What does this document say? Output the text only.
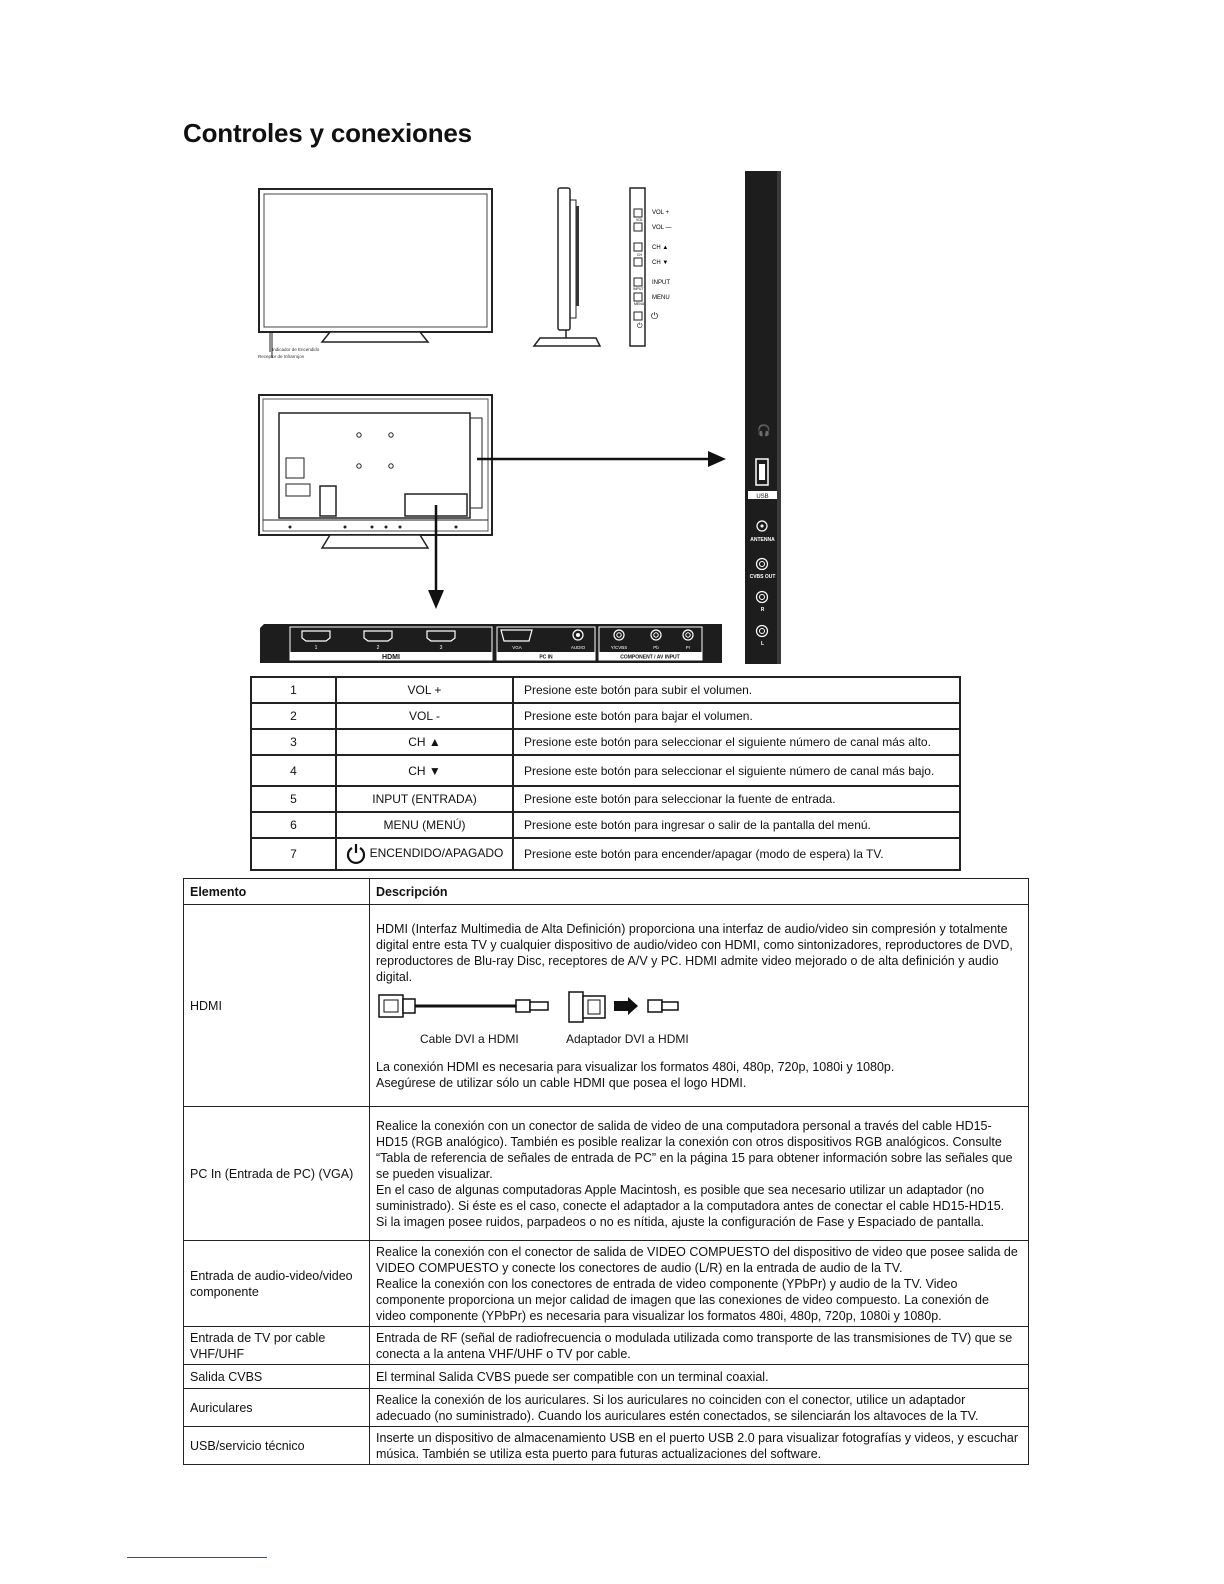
Controles y conexiones
Indicador de Encendido
Receptor de Infrarrojos
VOL
CH
INPUT
MENU
⏻
VOL +
VOL —
CH ▲
CH ▼
INPUT
MENU
⏻
🎧
USB
ANTENNA
CVBS OUT
R
L
1	2	3
HDMI
VGA	AUDIO
PC IN
Y/CVBS	Pb	Pr
COMPONENT / AV INPUT
1	VOL +	Presione este botón para subir el volumen.
2	VOL -	Presione este botón para bajar el volumen.
3	CH ▲	Presione este botón para seleccionar el siguiente número de canal más alto.
4	CH ▼	Presione este botón para seleccionar el siguiente número de canal más bajo.
5	INPUT (ENTRADA)	Presione este botón para seleccionar la fuente de entrada.
6	MENU (MENÚ)	Presione este botón para ingresar o salir de la pantalla del menú.
7	ENCENDIDO/APAGADO	Presione este botón para encender/apagar (modo de espera) la TV.
Elemento	Descripción
HDMI	HDMI (Interfaz Multimedia de Alta Definición) proporciona una interfaz de audio/video sin compresión y totalmente digital entre esta TV y cualquier dispositivo de audio/video con HDMI, como sintonizadores, reproductores de DVD, reproductores de Blu-ray Disc, receptores de A/V y PC. HDMI admite video mejorado o de alta definición y audio digital.

Cable DVI a HDMI Adaptador DVI a HDMI

La conexión HDMI es necesaria para visualizar los formatos 480i, 480p, 720p, 1080i y 1080p.

Asegúrese de utilizar sólo un cable HDMI que posea el logo HDMI.

PC In (Entrada de PC) (VGA)	Realice la conexión con un conector de salida de video de una computadora personal a través del cable HD15-HD15 (RGB analógico). También es posible realizar la conexión con otros dispositivos RGB analógicos. Consulte “Tabla de referencia de señales de entrada de PC” en la página 15 para obtener información sobre las señales que se pueden visualizar.

En el caso de algunas computadoras Apple Macintosh, es posible que sea necesario utilizar un adaptador (no suministrado). Si éste es el caso, conecte el adaptador a la computadora antes de conectar el cable HD15-HD15.

Si la imagen posee ruidos, parpadeos o no es nítida, ajuste la configuración de Fase y Espaciado de pantalla.

Entrada de audio-video/video componente	Realice la conexión con el conector de salida de VIDEO COMPUESTO del dispositivo de video que posee salida de VIDEO COMPUESTO y conecte los conectores de audio (L/R) en la entrada de audio de la TV.

Realice la conexión con los conectores de entrada de video componente (YPbPr) y audio de la TV. Video componente proporciona un mejor calidad de imagen que las conexiones de video compuesto. La conexión de video componente (YPbPr) es necesaria para visualizar los formatos 480i, 480p, 720p, 1080i y 1080p.

Entrada de TV por cable VHF/UHF	Entrada de RF (señal de radiofrecuencia o modulada utilizada como transporte de las transmisiones de TV) que se conecta a la antena VHF/UHF o TV por cable.
Salida CVBS	El terminal Salida CVBS puede ser compatible con un terminal coaxial.
Auriculares	Realice la conexión de los auriculares. Si los auriculares no coinciden con el conector, utilice un adaptador adecuado (no suministrado). Cuando los auriculares estén conectados, se silenciarán los altavoces de la TV.
USB/servicio técnico	Inserte un dispositivo de almacenamiento USB en el puerto USB 2.0 para visualizar fotografías y videos, y escuchar música. También se utiliza esta puerto para futuras actualizaciones del software.
